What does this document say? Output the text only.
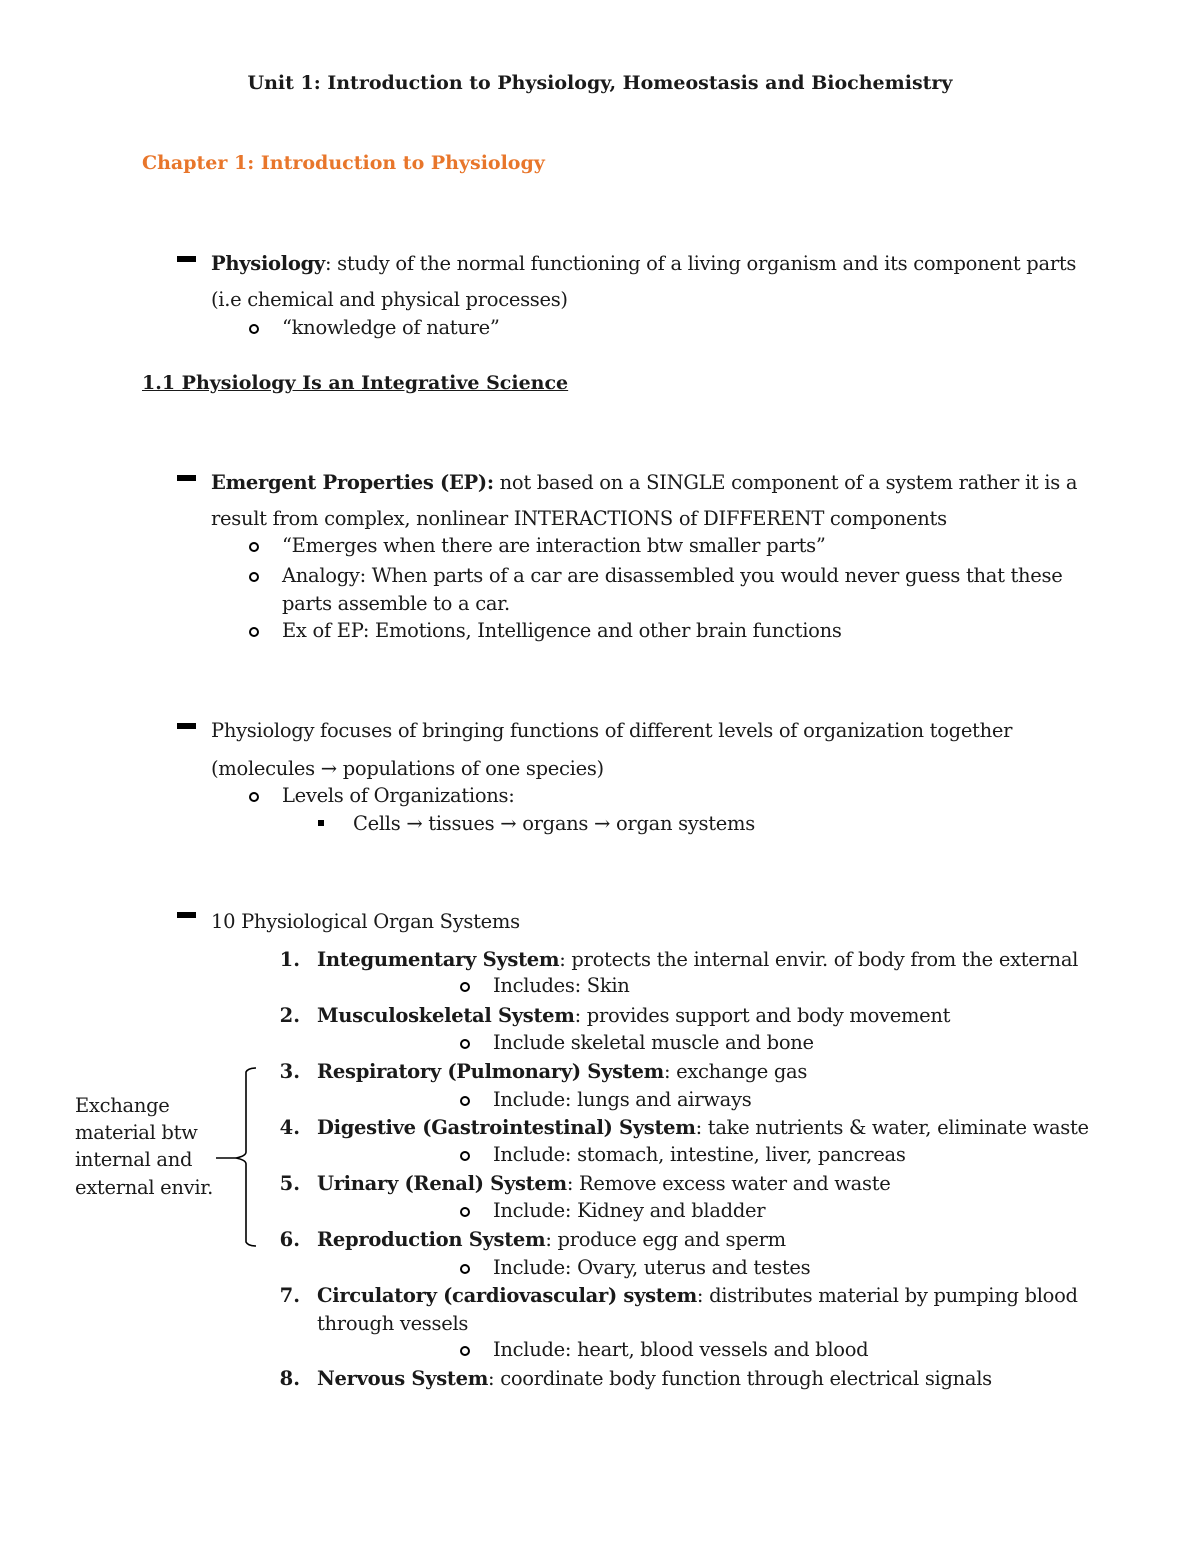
Unit 1: Introduction to Physiology, Homeostasis and Biochemistry
Chapter 1: Introduction to Physiology
Physiology: study of the normal functioning of a living organism and its component parts
(i.e chemical and physical processes)
“knowledge of nature”
1.1 Physiology Is an Integrative Science
Emergent Properties (EP): not based on a SINGLE component of a system rather it is a
result from complex, nonlinear INTERACTIONS of DIFFERENT components
“Emerges when there are interaction btw smaller parts”
Analogy: When parts of a car are disassembled you would never guess that these
parts assemble to a car.
Ex of EP: Emotions, Intelligence and other brain functions
Physiology focuses of bringing functions of different levels of organization together
(molecules → populations of one species)
Levels of Organizations:
Cells → tissues → organs → organ systems
10 Physiological Organ Systems
1. Integumentary System: protects the internal envir. of body from the external
Includes: Skin
2. Musculoskeletal System: provides support and body movement
Include skeletal muscle and bone
3. Respiratory (Pulmonary) System: exchange gas
Include: lungs and airways
4. Digestive (Gastrointestinal) System: take nutrients & water, eliminate waste
Include: stomach, intestine, liver, pancreas
5. Urinary (Renal) System: Remove excess water and waste
Include: Kidney and bladder
6. Reproduction System: produce egg and sperm
Include: Ovary, uterus and testes
7. Circulatory (cardiovascular) system: distributes material by pumping blood
through vessels
Include: heart, blood vessels and blood
8. Nervous System: coordinate body function through electrical signals
Exchange
material btw
internal and
external envir.
